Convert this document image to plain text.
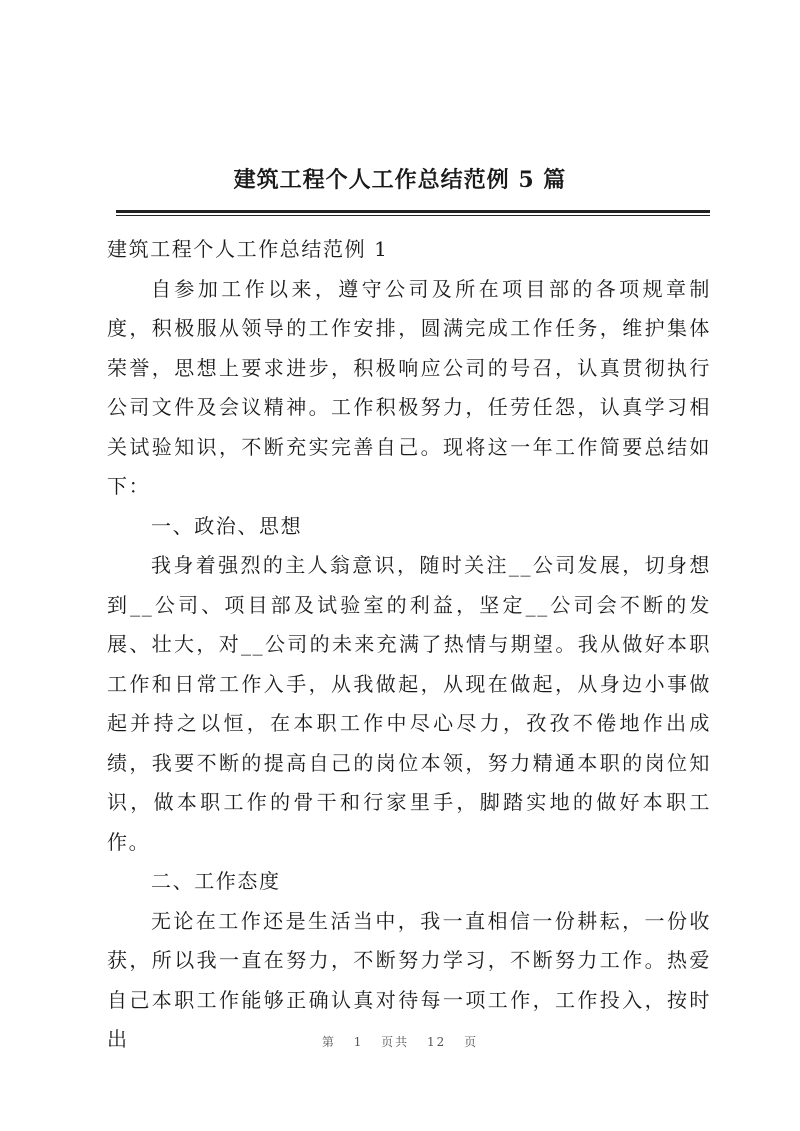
建筑工程个人工作总结范例 5 篇

建筑工程个人工作总结范例 1

自参加工作以来，遵守公司及所在项目部的各项规章制度，积极服从领导的工作安排，圆满完成工作任务，维护集体荣誉，思想上要求进步，积极响应公司的号召，认真贯彻执行公司文件及会议精神。工作积极努力，任劳任怨，认真学习相关试验知识，不断充实完善自己。现将这一年工作简要总结如下：

一、政治、思想

我身着强烈的主人翁意识，随时关注__公司发展，切身想到__公司、项目部及试验室的利益，坚定__公司会不断的发展、壮大，对__公司的未来充满了热情与期望。我从做好本职工作和日常工作入手，从我做起，从现在做起，从身边小事做起并持之以恒，在本职工作中尽心尽力，孜孜不倦地作出成绩，我要不断的提高自己的岗位本领，努力精通本职的岗位知识，做本职工作的骨干和行家里手，脚踏实地的做好本职工作。

二、工作态度

无论在工作还是生活当中，我一直相信一份耕耘，一份收获，所以我一直在努力，不断努力学习，不断努力工作。热爱自己本职工作能够正确认真对待每一项工作，工作投入，按时出	第 1 页共 12 页
